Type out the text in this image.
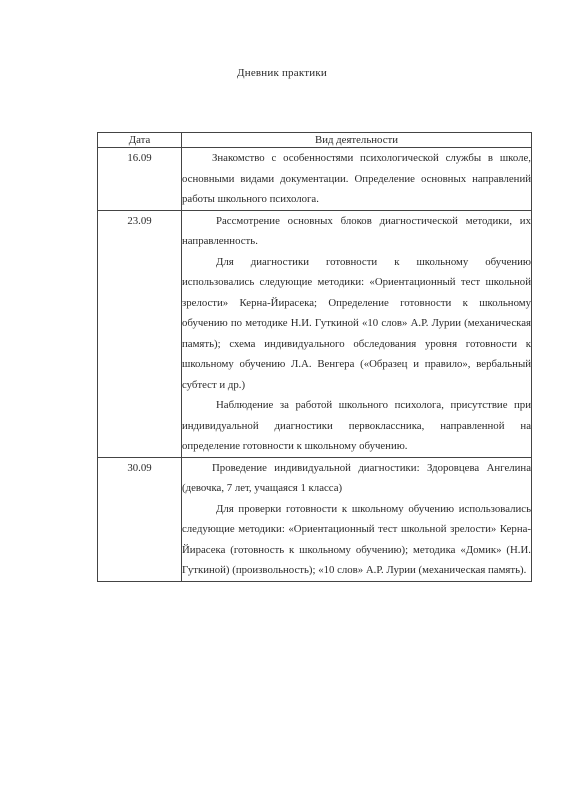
Дневник практики
Дата	Вид деятельности
16.09	Знакомство с особенностями психологической службы в школе, основными видами документации. Определение основных направлений работы школьного психолога.

23.09	Рассмотрение основных блоков диагностической методики, их направленность.

Для диагностики готовности к школьному обучению использовались следующие методики: «Ориентационный тест школьной зрелости» Керна-Йирасека; Определение готовности к школьному обучению по методике Н.И. Гуткиной «10 слов» А.Р. Лурии (механическая память); схема индивидуального обследования уровня готовности к школьному обучению Л.А. Венгера («Образец и правило», вербальный субтест и др.)

Наблюдение за работой школьного психолога, присутствие при индивидуальной диагностики первоклассника, направленной на определение готовности к школьному обучению.

30.09	Проведение индивидуальной диагностики: Здоровцева Ангелина (девочка, 7 лет, учащаяся 1 класса)

Для проверки готовности к школьному обучению использовались следующие методики: «Ориентационный тест школьной зрелости» Керна-Йирасека (готовность к школьному обучению); методика «Домик» (Н.И. Гуткиной) (произвольность); «10 слов» А.Р. Лурии (механическая память).
